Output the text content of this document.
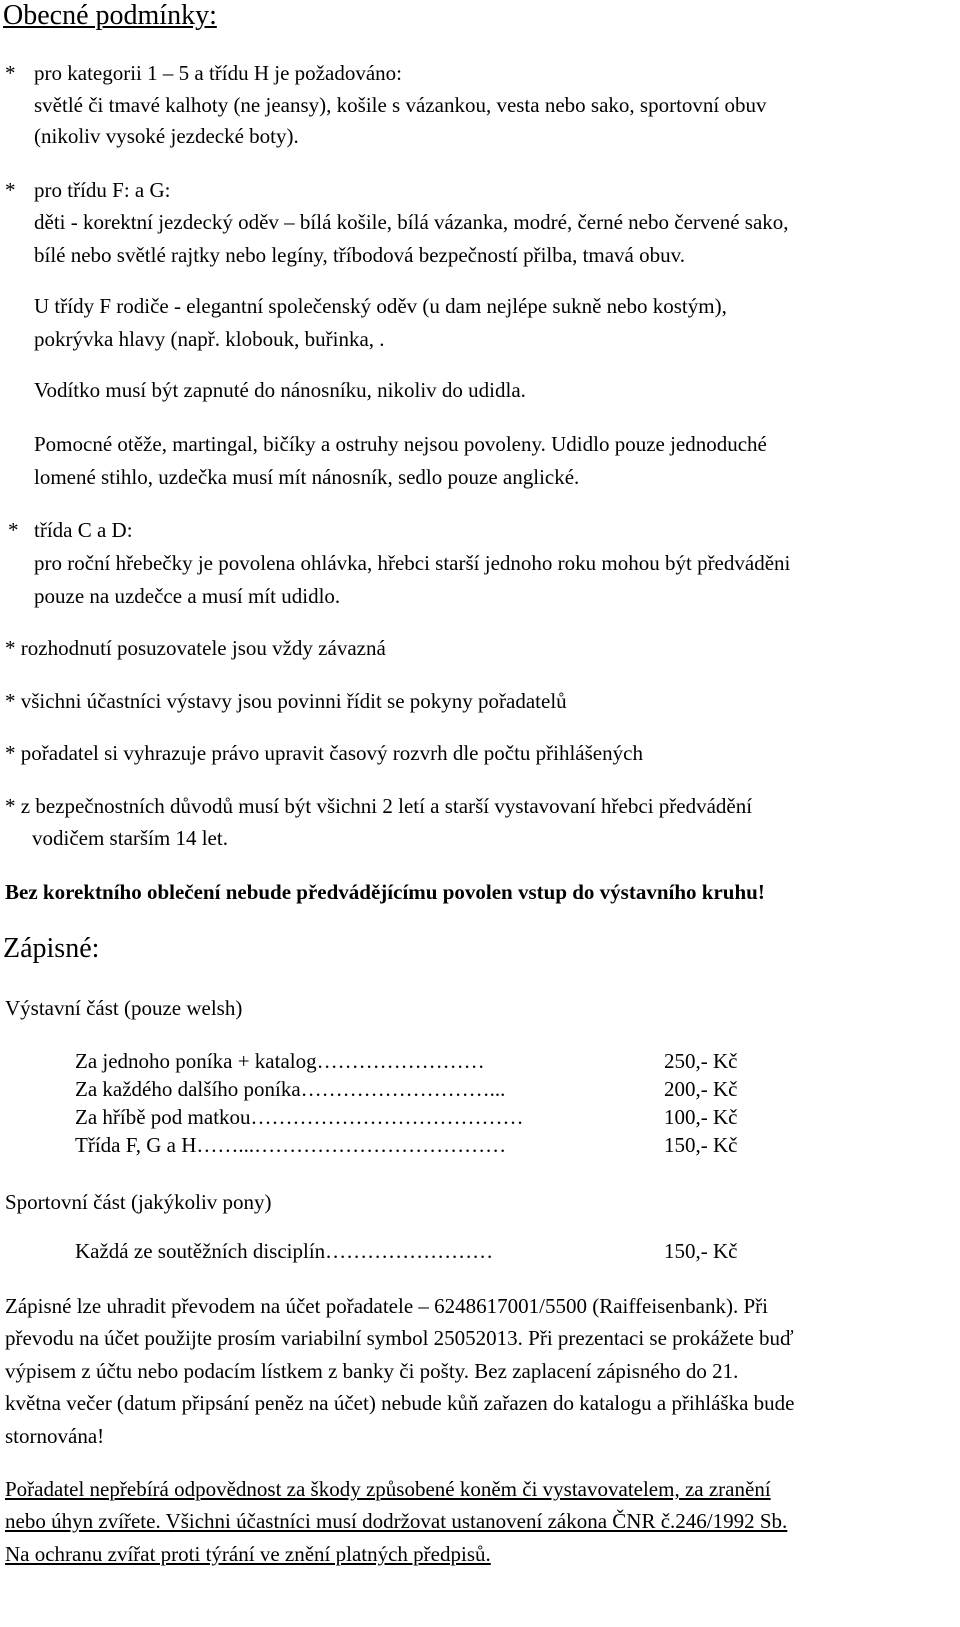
Obecné podmínky:
* pro kategorii 1 – 5 a třídu H je požadováno:
světlé či tmavé kalhoty (ne jeansy), košile s vázankou, vesta nebo sako, sportovní obuv
(nikoliv vysoké jezdecké boty).
* pro třídu F: a G:
děti - korektní jezdecký oděv – bílá košile, bílá vázanka, modré, černé nebo červené sako,
bílé nebo světlé rajtky nebo legíny, tříbodová bezpečností přilba, tmavá obuv.
U třídy F rodiče - elegantní společenský oděv (u dam nejlépe sukně nebo kostým),
pokrývka hlavy (např. klobouk, buřinka, .
Vodítko musí být zapnuté do nánosníku, nikoliv do udidla.
Pomocné otěže, martingal, bičíky a ostruhy nejsou povoleny. Udidlo pouze jednoduché
lomené stihlo, uzdečka musí mít nánosník, sedlo pouze anglické.
* třída C a D:
pro roční hřebečky je povolena ohlávka, hřebci starší jednoho roku mohou být předváděni
pouze na uzdečce a musí mít udidlo.
* rozhodnutí posuzovatele jsou vždy závazná
* všichni účastníci výstavy jsou povinni řídit se pokyny pořadatelů
* pořadatel si vyhrazuje právo upravit časový rozvrh dle počtu přihlášených
* z bezpečnostních důvodů musí být všichni 2 letí a starší vystavovaní hřebci předvádění
vodičem starším 14 let.
Bez korektního oblečení nebude předvádějícímu povolen vstup do výstavního kruhu!
Zápisné:
Výstavní část (pouze welsh)
Za jednoho poníka + katalog……………………	250,- Kč
Za každého dalšího poníka………………………...	200,- Kč
Za hříbě pod matkou…………………………………	100,- Kč
Třída F, G a H……...………………………………	150,- Kč
Sportovní část (jakýkoliv pony)
Každá ze soutěžních disciplín……………………	150,- Kč
Zápisné lze uhradit převodem na účet pořadatele – 6248617001/5500 (Raiffeisenbank). Při
převodu na účet použijte prosím variabilní symbol 25052013. Při prezentaci se prokážete buď
výpisem z účtu nebo podacím lístkem z banky či pošty. Bez zaplacení zápisného do 21.
května večer (datum připsání peněz na účet) nebude kůň zařazen do katalogu a přihláška bude
stornována!
Pořadatel nepřebírá odpovědnost za škody způsobené koněm či vystavovatelem, za zranění
nebo úhyn zvířete. Všichni účastníci musí dodržovat ustanovení zákona ČNR č.246/1992 Sb.
Na ochranu zvířat proti týrání ve znění platných předpisů.
